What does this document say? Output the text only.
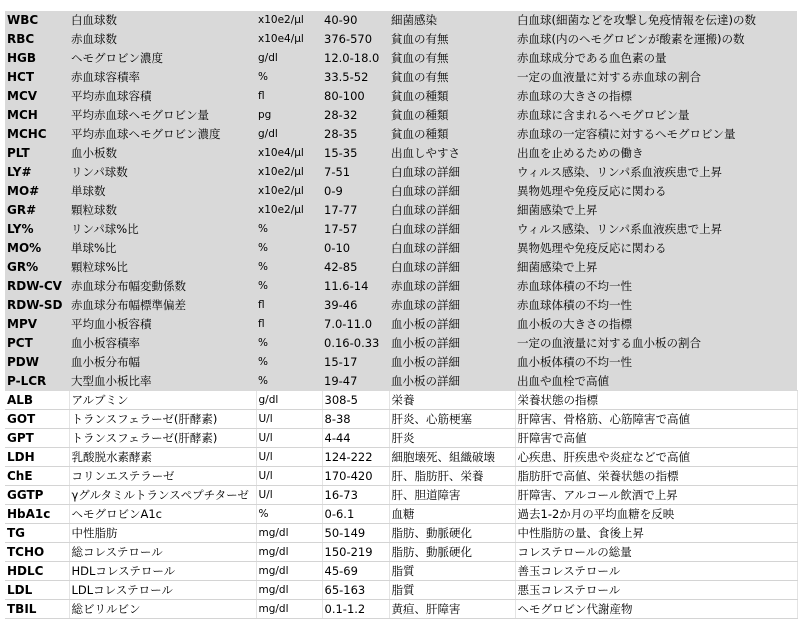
WBC	白血球数	x10e2/μl	40-90	細菌感染	白血球(細菌などを攻撃し免疫情報を伝達)の数
RBC	赤血球数	x10e4/μl	376-570	貧血の有無	赤血球(内のヘモグロビンが酸素を運搬)の数
HGB	ヘモグロビン濃度	g/dl	12.0-18.0	貧血の有無	赤血球成分である血色素の量
HCT	赤血球容積率	%	33.5-52	貧血の有無	一定の血液量に対する赤血球の割合
MCV	平均赤血球容積	fl	80-100	貧血の種類	赤血球の大きさの指標
MCH	平均赤血球ヘモグロビン量	pg	28-32	貧血の種類	赤血球に含まれるヘモグロビン量
MCHC	平均赤血球ヘモグロビン濃度	g/dl	28-35	貧血の種類	赤血球の一定容積に対するヘモグロビン量
PLT	血小板数	x10e4/μl	15-35	出血しやすさ	出血を止めるための働き
LY#	リンパ球数	x10e2/μl	7-51	白血球の詳細	ウィルス感染、リンパ系血液疾患で上昇
MO#	単球数	x10e2/μl	0-9	白血球の詳細	異物処理や免疫反応に関わる
GR#	顆粒球数	x10e2/μl	17-77	白血球の詳細	細菌感染で上昇
LY%	リンパ球%比	%	17-57	白血球の詳細	ウィルス感染、リンパ系血液疾患で上昇
MO%	単球%比	%	0-10	白血球の詳細	異物処理や免疫反応に関わる
GR%	顆粒球%比	%	42-85	白血球の詳細	細菌感染で上昇
RDW-CV	赤血球分布幅変動係数	%	11.6-14	赤血球の詳細	赤血球体積の不均一性
RDW-SD	赤血球分布幅標準偏差	fl	39-46	赤血球の詳細	赤血球体積の不均一性
MPV	平均血小板容積	fl	7.0-11.0	血小板の詳細	血小板の大きさの指標
PCT	血小板容積率	%	0.16-0.33	血小板の詳細	一定の血液量に対する血小板の割合
PDW	血小板分布幅	%	15-17	血小板の詳細	血小板体積の不均一性
P-LCR	大型血小板比率	%	19-47	血小板の詳細	出血や血栓で高値
ALB	アルブミン	g/dl	308-5	栄養	栄養状態の指標
GOT	トランスフェラーゼ(肝酵素)	U/l	8-38	肝炎、心筋梗塞	肝障害、骨格筋、心筋障害で高値
GPT	トランスフェラーゼ(肝酵素)	U/l	4-44	肝炎	肝障害で高値
LDH	乳酸脱水素酵素	U/l	124-222	細胞壊死、組織破壊	心疾患、肝疾患や炎症などで高値
ChE	コリンエステラーゼ	U/l	170-420	肝、脂肪肝、栄養	脂肪肝で高値、栄養状態の指標
GGTP	γグルタミルトランスペプチターゼ	U/l	16-73	肝、胆道障害	肝障害、アルコール飲酒で上昇
HbA1c	ヘモグロビンA1c	%	0-6.1	血糖	過去1-2か月の平均血糖を反映
TG	中性脂肪	mg/dl	50-149	脂肪、動脈硬化	中性脂肪の量、食後上昇
TCHO	総コレステロール	mg/dl	150-219	脂肪、動脈硬化	コレステロールの総量
HDLC	HDLコレステロール	mg/dl	45-69	脂質	善玉コレステロール
LDL	LDLコレステロール	mg/dl	65-163	脂質	悪玉コレステロール
TBIL	総ビリルビン	mg/dl	0.1-1.2	黄疸、肝障害	ヘモグロビン代謝産物
